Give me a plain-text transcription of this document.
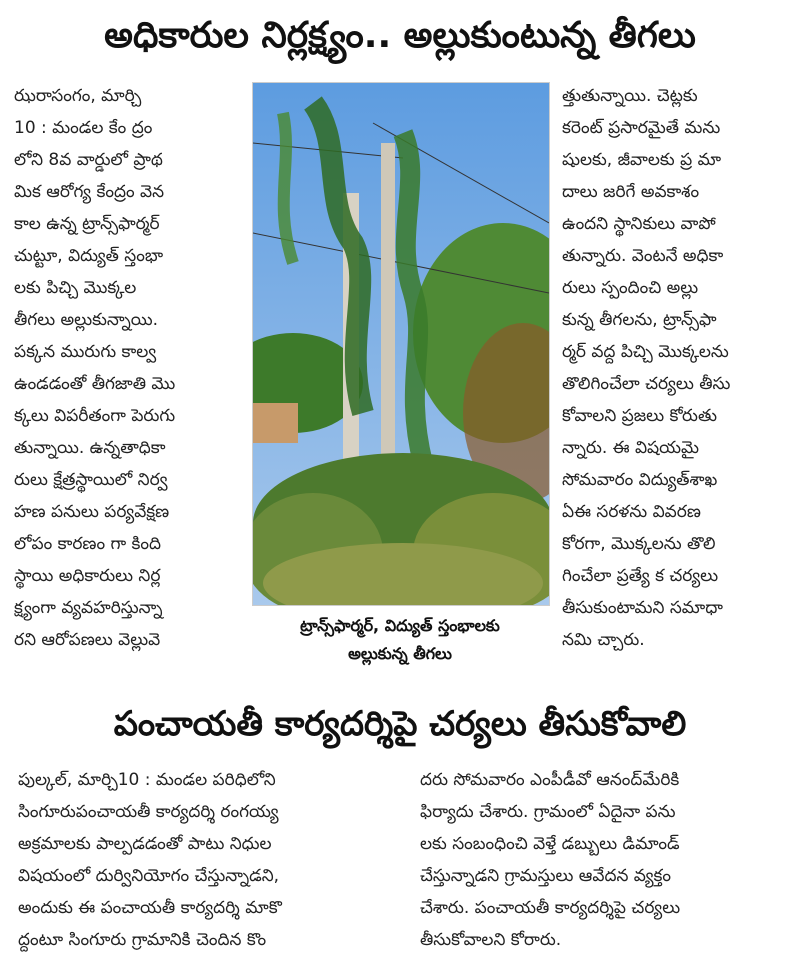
అధికారుల నిర్లక్ష్యం.. అల్లుకుంటున్న తీగలు

ఝరాసంగం, మార్చి

10 : మండల కేం ద్రం

లోని 8వ వార్డులో ప్రాథ

మిక ఆరోగ్య కేంద్రం వెన

కాల ఉన్న ట్రాన్స్‌ఫార్మర్

చుట్టూ, విద్యుత్ స్తంభా

లకు పిచ్చి మొక్కల

తీగలు అల్లుకున్నాయి.

పక్కన మురుగు కాల్వ

ఉండడంతో తీగజాతి మొ

క్కలు విపరీతంగా పెరుగు

తున్నాయి. ఉన్నతాధికా

రులు క్షేత్రస్థాయిలో నిర్వ

హణ పనులు పర్యవేక్షణ

లోపం కారణం గా కింది

స్థాయి అధికారులు నిర్ల

క్ష్యంగా వ్యవహరిస్తున్నా

రని ఆరోపణలు వెల్లువె

ట్రాన్స్‌ఫార్మర్, విద్యుత్ స్తంభాలకు
అల్లుకున్న తీగలు

త్తుతున్నాయి. చెట్లకు

కరెంట్ ప్రసారమైతే మను

షులకు, జీవాలకు ప్ర మా

దాలు జరిగే అవకాశం

ఉందని స్థానికులు వాపో

తున్నారు. వెంటనే అధికా

రులు స్పందించి అల్లు

కున్న తీగలను, ట్రాన్స్‌ఫా

ర్మర్ వద్ద పిచ్చి మొక్కలను

తొలిగించేలా చర్యలు తీసు

కోవాలని ప్రజలు కోరుతు

న్నారు. ఈ విషయమై

సోమవారం విద్యుత్‌శాఖ

ఏఈ సరళను వివరణ

కోరగా, మొక్కలను తొలి

గించేలా ప్రత్యే క చర్యలు

తీసుకుంటామని సమాధా

నమి చ్చారు.

పంచాయతీ కార్యదర్శిపై చర్యలు తీసుకోవాలి

పుల్కల్, మార్చి10 : మండల పరిధిలోని

సింగూరుపంచాయతీ కార్యదర్శి రంగయ్య

అక్రమాలకు పాల్పడడంతో పాటు నిధుల

విషయంలో దుర్వినియోగం చేస్తున్నాడని,

అందుకు ఈ పంచాయతీ కార్యదర్శి మాకొ

ద్దంటూ సింగూరు గ్రామానికి చెందిన కొం

దరు సోమవారం ఎంపీడీవో ఆనంద్‌మేరికి

ఫిర్యాదు చేశారు. గ్రామంలో ఏదైనా పను

లకు సంబంధించి వెళ్తే డబ్బులు డిమాండ్

చేస్తున్నాడని గ్రామస్తులు ఆవేదన వ్యక్తం

చేశారు. పంచాయతీ కార్యదర్శిపై చర్యలు

తీసుకోవాలని కోరారు.
